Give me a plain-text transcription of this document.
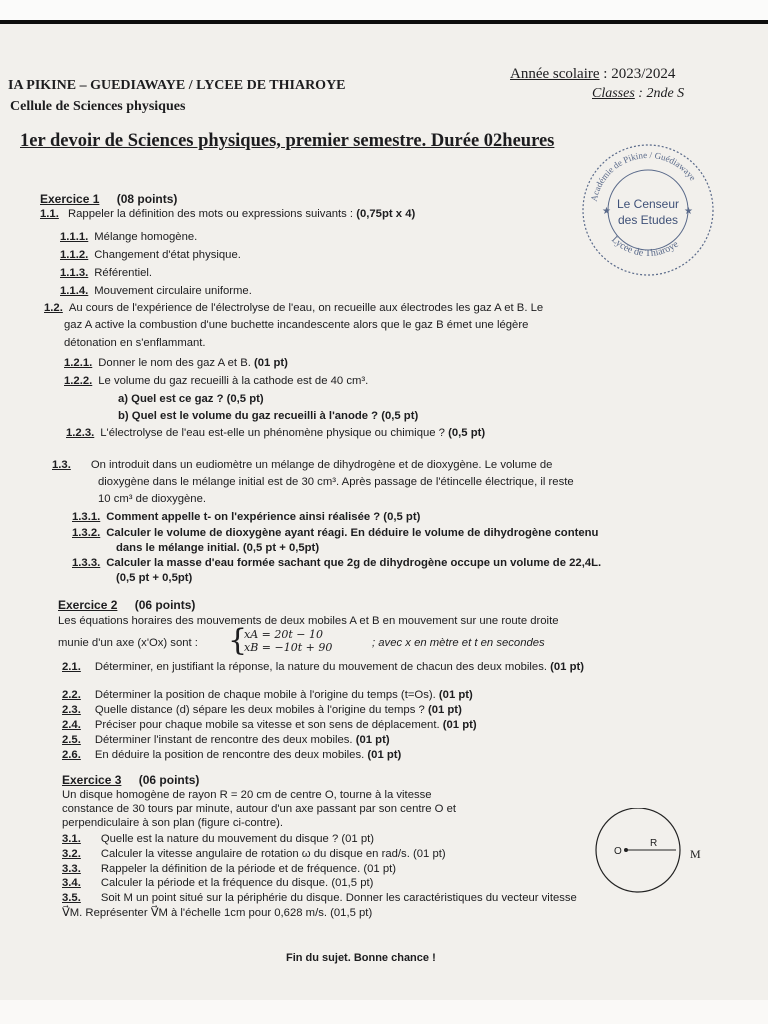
IA PIKINE – GUEDIAWAYE / LYCEE DE THIAROYE
Cellule de Sciences physiques
Année scolaire : 2023/2024
Classes : 2nde S
1er devoir de Sciences physiques, premier semestre. Durée 02heures
Le Censeur
des Etudes
Académie de Pikine / Guédiawaye
Lycée de Thiaroye
★	★
Exercice 1 (08 points)
1.1. Rappeler la définition des mots ou expressions suivants : (0,75pt x 4)
1.1.1. Mélange homogène.
1.1.2. Changement d'état physique.
1.1.3. Référentiel.
1.1.4. Mouvement circulaire uniforme.
1.2. Au cours de l'expérience de l'électrolyse de l'eau, on recueille aux électrodes les gaz A et B. Le
gaz A active la combustion d'une buchette incandescente alors que le gaz B émet une légère
détonation en s'enflammant.
1.2.1. Donner le nom des gaz A et B. (01 pt)
1.2.2. Le volume du gaz recueilli à la cathode est de 40 cm³.
a) Quel est ce gaz ? (0,5 pt)
b) Quel est le volume du gaz recueilli à l'anode ? (0,5 pt)
1.2.3. L'électrolyse de l'eau est-elle un phénomène physique ou chimique ? (0,5 pt)
1.3. On introduit dans un eudiomètre un mélange de dihydrogène et de dioxygène. Le volume de
dioxygène dans le mélange initial est de 30 cm³. Après passage de l'étincelle électrique, il reste
10 cm³ de dioxygène.
1.3.1. Comment appelle t- on l'expérience ainsi réalisée ? (0,5 pt)
1.3.2. Calculer le volume de dioxygène ayant réagi. En déduire le volume de dihydrogène contenu
dans le mélange initial. (0,5 pt + 0,5pt)
1.3.3. Calculer la masse d'eau formée sachant que 2g de dihydrogène occupe un volume de 22,4L.
(0,5 pt + 0,5pt)
Exercice 2 (06 points)
Les équations horaires des mouvements de deux mobiles A et B en mouvement sur une route droite
munie d'un axe (x'Ox) sont : {
xA = 20t − 10
xB = −10t + 90	; avec x en mètre et t en secondes
2.1. Déterminer, en justifiant la réponse, la nature du mouvement de chacun des deux mobiles. (01 pt)
2.2. Déterminer la position de chaque mobile à l'origine du temps (t=Os). (01 pt)
2.3. Quelle distance (d) sépare les deux mobiles à l'origine du temps ? (01 pt)
2.4. Préciser pour chaque mobile sa vitesse et son sens de déplacement. (01 pt)
2.5. Déterminer l'instant de rencontre des deux mobiles. (01 pt)
2.6. En déduire la position de rencontre des deux mobiles. (01 pt)
Exercice 3 (06 points)
Un disque homogène de rayon R = 20 cm de centre O, tourne à la vitesse
constance de 30 tours par minute, autour d'un axe passant par son centre O et
perpendiculaire à son plan (figure ci-contre).
3.1. Quelle est la nature du mouvement du disque ? (01 pt)
3.2. Calculer la vitesse angulaire de rotation ω du disque en rad/s. (01 pt)
3.3. Rappeler la définition de la période et de fréquence. (01 pt)
3.4. Calculer la période et la fréquence du disque. (01,5 pt)
3.5. Soit M un point situé sur la périphérie du disque. Donner les caractéristiques du vecteur vitesse
V⃗M. Représenter V⃗M à l'échelle 1cm pour 0,628 m/s. (01,5 pt)
O
R
M
Fin du sujet. Bonne chance !
